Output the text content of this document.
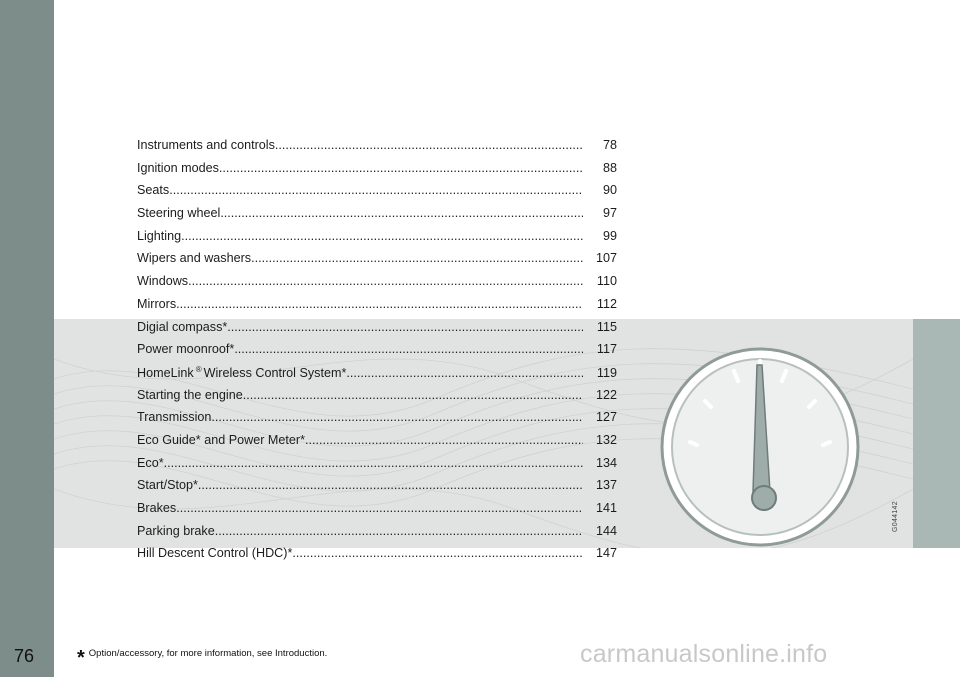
Instruments and controls .....	78
Ignition modes .....	88
Seats .....	90
Steering wheel .....	97
Lighting .....	99
Wipers and washers .....	107
Windows .....	110
Mirrors .....	112
Digial compass* .....	115
Power moonroof* .....	117
HomeLink ® Wireless Control System* .....	119
Starting the engine .....	122
Transmission .....	127
Eco Guide* and Power Meter* .....	132
Eco* .....	134
Start/Stop* .....	137
Brakes .....	141
Parking brake .....	144
Hill Descent Control (HDC)* .....	147
G044142
76 * Option/accessory, for more information, see Introduction.	carmanualsonline.info
